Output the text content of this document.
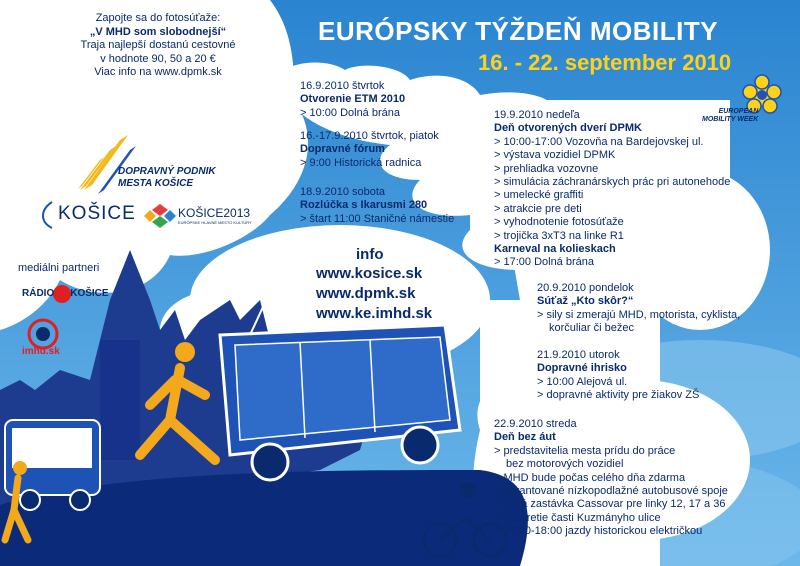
EURÓPSKY TÝŽDEŇ MOBILITY
16. - 22. september 2010
Zapojte sa do fotosúťaže:
„V MHD som slobodnejší“
Traja najlepší dostanú cestovné
v hodnote 90, 50 a 20 €
Viac info na www.dpmk.sk
DOPRAVNÝ PODNIK
MESTA KOŠICE
KOŠICE	KOŠICE2013
EURÓPSKE HLAVNÉ MESTO KULTÚRY
mediálni partneri
RÁDIO KOŠICE
imhd.sk
EUROPEAN
MOBILITY WEEK
info
www.kosice.sk
www.dpmk.sk
www.ke.imhd.sk
16.9.2010 štvrtok
Otvorenie ETM 2010
> 10:00 Dolná brána
16.-17.9.2010 štvrtok, piatok
Dopravné fórum
> 9:00 Historická radnica
18.9.2010 sobota
Rozlúčka s Ikarusmi 280
> štart 11:00 Staničné námestie
19.9.2010 nedeľa
Deň otvorených dverí DPMK
> 10:00-17:00 Vozovňa na Bardejovskej ul.
> výstava vozidiel DPMK
> prehliadka vozovne
> simulácia záchranárskych prác pri autonehode
> umelecké graffiti
> atrakcie pre deti
> vyhodnotenie fotosúťaže
> trojička 3xT3 na linke R1
Karneval na kolieskach
> 17:00 Dolná brána
20.9.2010 pondelok
Súťaž „Kto skôr?“
> sily si zmerajú MHD, motorista, cyklista,
korčuliar či bežec
21.9.2010 utorok
Dopravné ihrisko
> 10:00 Alejová ul.
> dopravné aktivity pre žiakov ZŠ
22.9.2010 streda
Deň bez áut
> predstavitelia mesta prídu do práce
bez motorových vozidiel
> MHD bude počas celého dňa zdarma
> garantované nízkopodlažné autobusové spoje
> nová zastávka Cassovar pre linky 12, 17 a 36
> uzavretie časti Kuzmányho ulice
> 14:00-18:00 jazdy historickou električkou
